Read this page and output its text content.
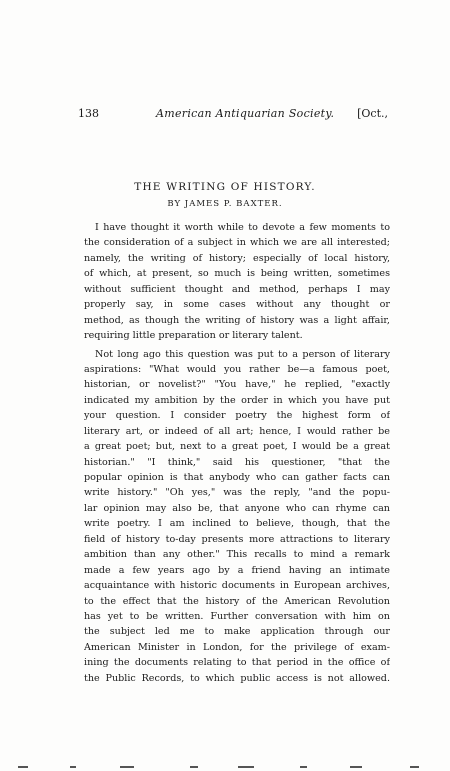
138	American Antiquarian Society. [Oct.,
THE WRITING OF HISTORY.
BY JAMES P. BAXTER.

I have thought it worth while to devote a few moments to
the consideration of a subject in which we are all interested;
namely, the writing of history; especially of local history,
of which, at present, so much is being written, sometimes
without sufficient thought and method, perhaps I may
properly say, in some cases without any thought or
method, as though the writing of history was a light affair,
requiring little preparation or literary talent.

Not long ago this question was put to a person of literary
aspirations: "What would you rather be—a famous poet,
historian, or novelist?" "You have," he replied, "exactly
indicated my ambition by the order in which you have put
your question. I consider poetry the highest form of
literary art, or indeed of all art; hence, I would rather be
a great poet; but, next to a great poet, I would be a great
historian." "I think," said his questioner, "that the
popular opinion is that anybody who can gather facts can
write history." "Oh yes," was the reply, "and the popu-
lar opinion may also be, that anyone who can rhyme can
write poetry. I am inclined to believe, though, that the
field of history to-day presents more attractions to literary
ambition than any other." This recalls to mind a remark
made a few years ago by a friend having an intimate
acquaintance with historic documents in European archives,
to the effect that the history of the American Revolution
has yet to be written. Further conversation with him on
the subject led me to make application through our
American Minister in London, for the privilege of exam-
ining the documents relating to that period in the office of
the Public Records, to which public access is not allowed.
